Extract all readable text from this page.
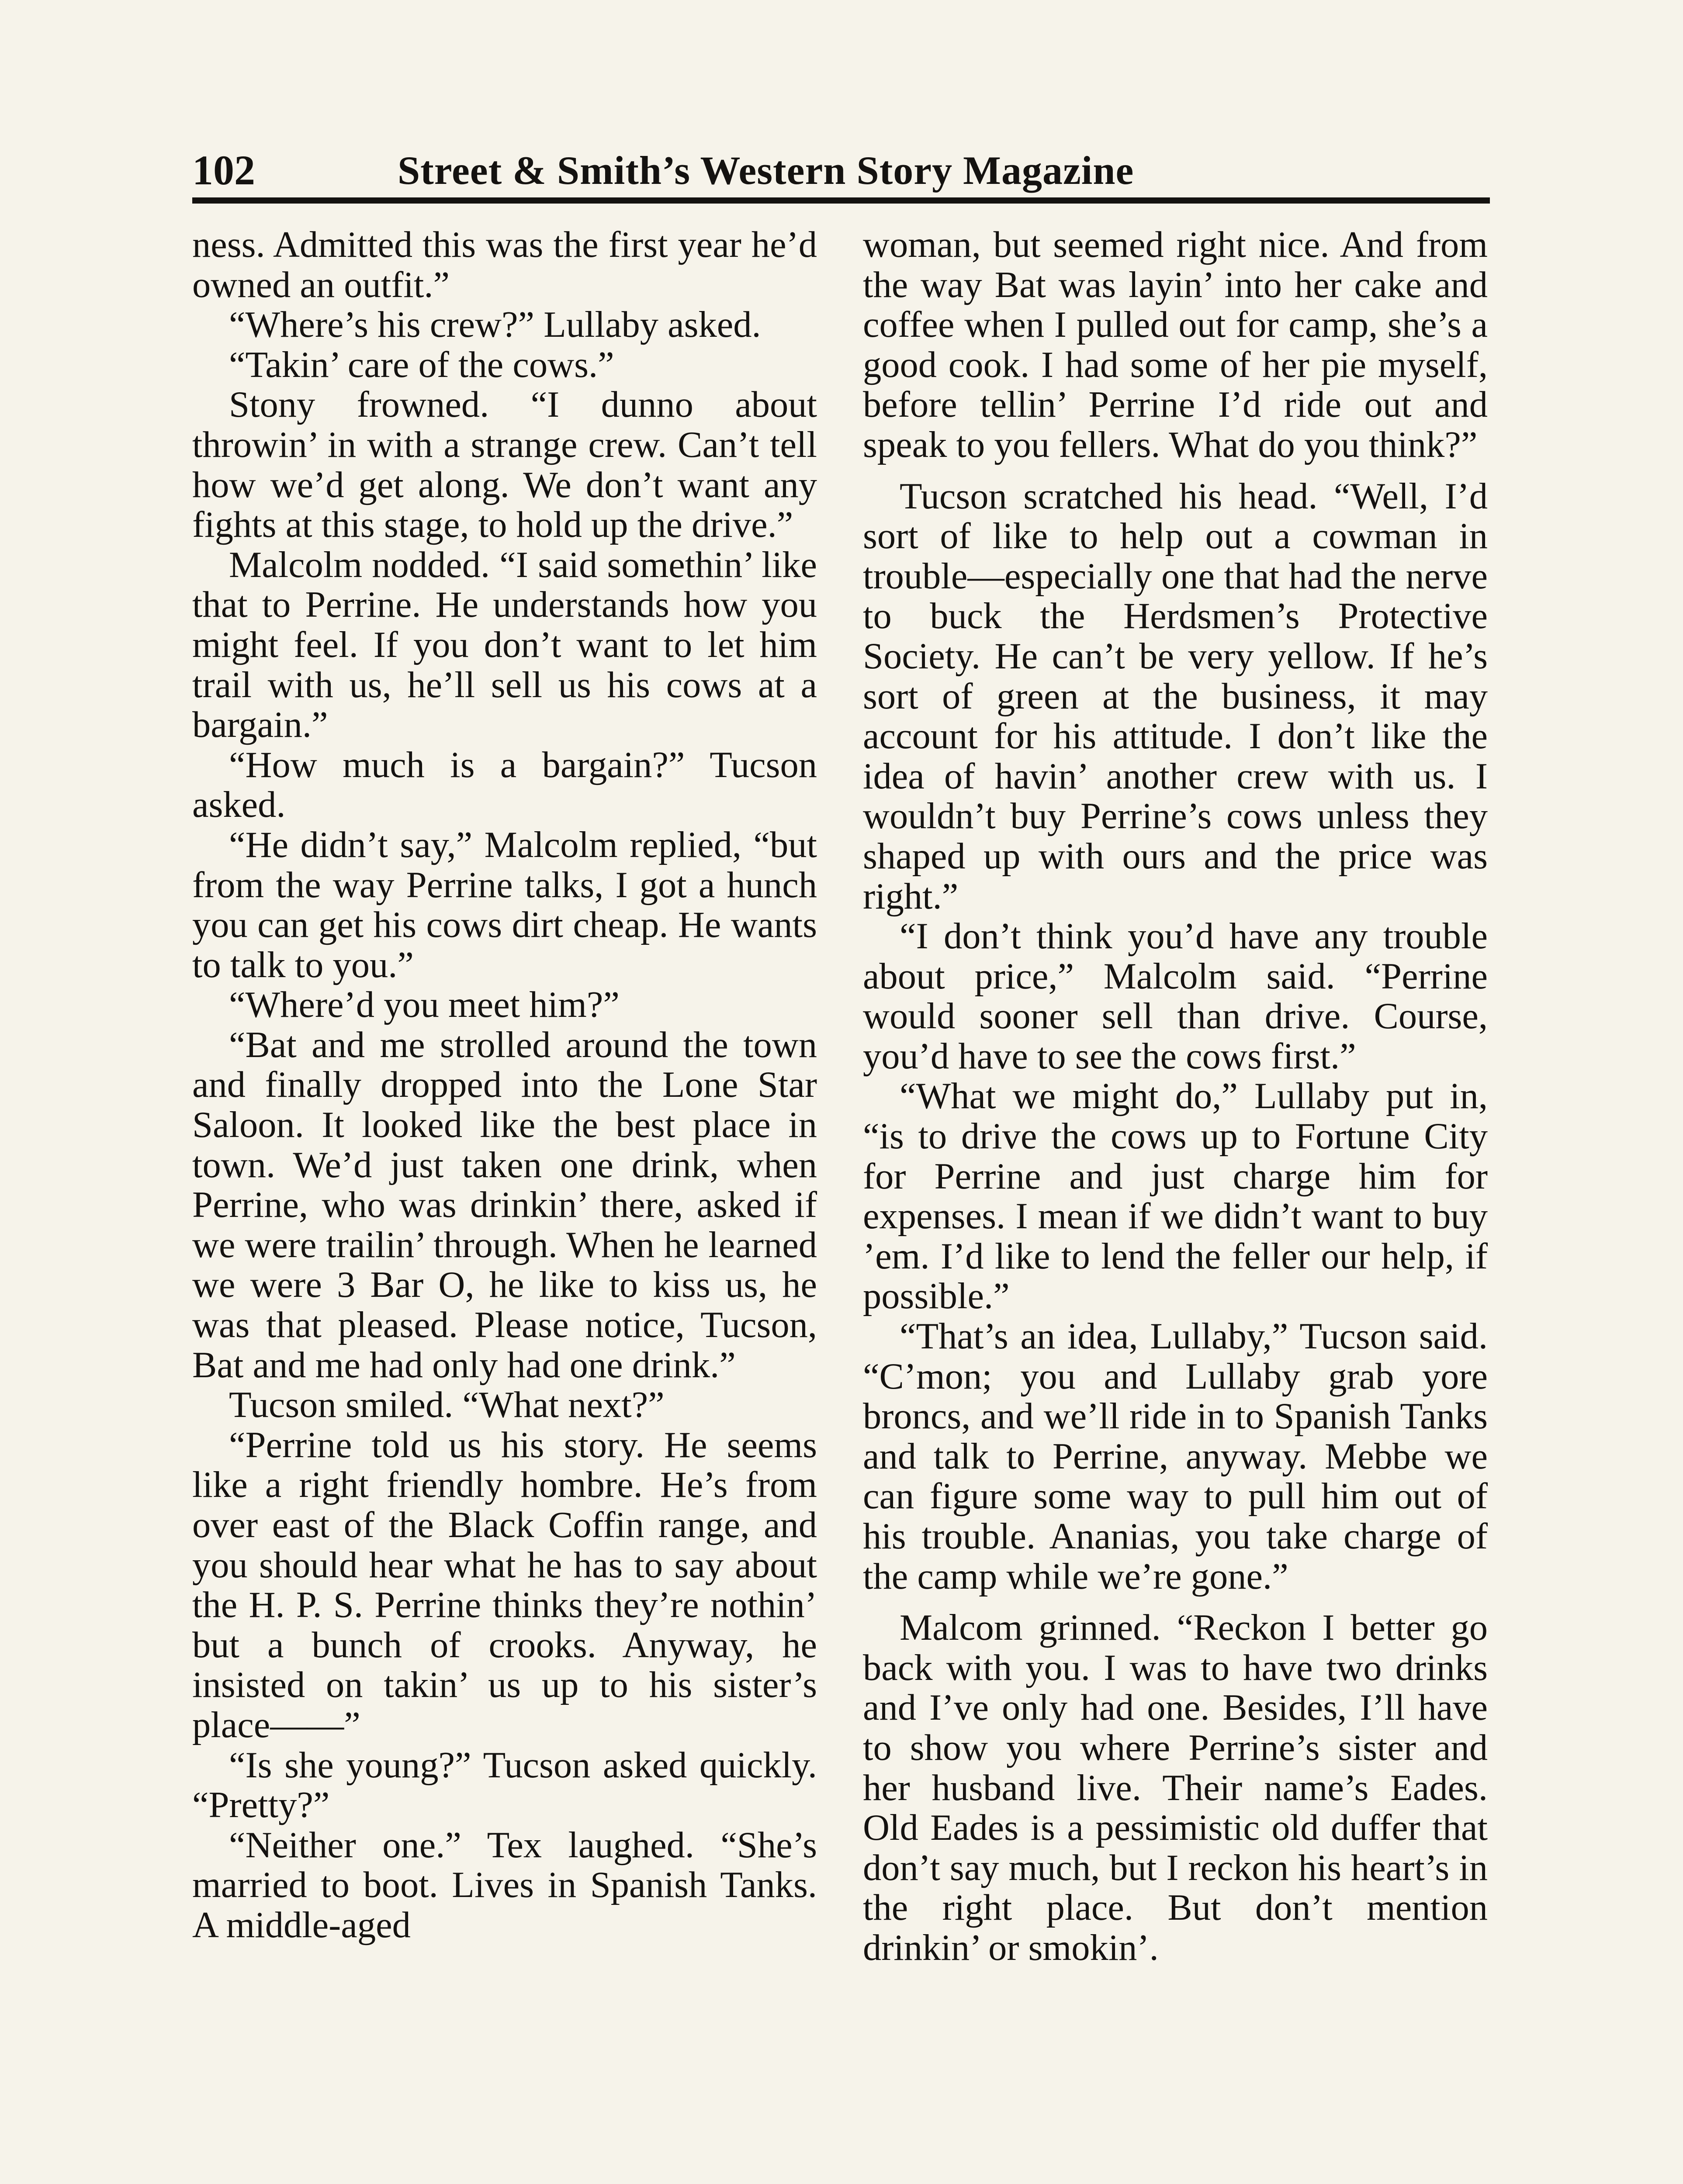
102	Street & Smith’s Western Story Magazine

ness. Admitted this was the first year he’d owned an outfit.”

“Where’s his crew?” Lullaby asked.

“Takin’ care of the cows.”

Stony frowned. “I dunno about throwin’ in with a strange crew. Can’t tell how we’d get along. We don’t want any fights at this stage, to hold up the drive.”

Malcolm nodded. “I said somethin’ like that to Perrine. He understands how you might feel. If you don’t want to let him trail with us, he’ll sell us his cows at a bargain.”

“How much is a bargain?” Tucson asked.

“He didn’t say,” Malcolm replied, “but from the way Perrine talks, I got a hunch you can get his cows dirt cheap. He wants to talk to you.”

“Where’d you meet him?”

“Bat and me strolled around the town and finally dropped into the Lone Star Saloon. It looked like the best place in town. We’d just taken one drink, when Perrine, who was drinkin’ there, asked if we were trailin’ through. When he learned we were 3 Bar O, he like to kiss us, he was that pleased. Please notice, Tucson, Bat and me had only had one drink.”

Tucson smiled. “What next?”

“Perrine told us his story. He seems like a right friendly hombre. He’s from over east of the Black Coffin range, and you should hear what he has to say about the H. P. S. Perrine thinks they’re nothin’ but a bunch of crooks. Anyway, he insisted on takin’ us up to his sister’s place——”

“Is she young?” Tucson asked quickly. “Pretty?”

“Neither one.” Tex laughed. “She’s married to boot. Lives in Spanish Tanks. A middle-aged

woman, but seemed right nice. And from the way Bat was layin’ into her cake and coffee when I pulled out for camp, she’s a good cook. I had some of her pie myself, before tellin’ Perrine I’d ride out and speak to you fellers. What do you think?”

Tucson scratched his head. “Well, I’d sort of like to help out a cowman in trouble—especially one that had the nerve to buck the Herdsmen’s Protective Society. He can’t be very yellow. If he’s sort of green at the business, it may account for his attitude. I don’t like the idea of havin’ another crew with us. I wouldn’t buy Perrine’s cows unless they shaped up with ours and the price was right.”

“I don’t think you’d have any trouble about price,” Malcolm said. “Perrine would sooner sell than drive. Course, you’d have to see the cows first.”

“What we might do,” Lullaby put in, “is to drive the cows up to Fortune City for Perrine and just charge him for expenses. I mean if we didn’t want to buy ’em. I’d like to lend the feller our help, if possible.”

“That’s an idea, Lullaby,” Tucson said. “C’mon; you and Lullaby grab yore broncs, and we’ll ride in to Spanish Tanks and talk to Perrine, anyway. Mebbe we can figure some way to pull him out of his trouble. Ananias, you take charge of the camp while we’re gone.”

Malcom grinned. “Reckon I better go back with you. I was to have two drinks and I’ve only had one. Besides, I’ll have to show you where Perrine’s sister and her husband live. Their name’s Eades. Old Eades is a pessimistic old duffer that don’t say much, but I reckon his heart’s in the right place. But don’t mention drinkin’ or smokin’.
